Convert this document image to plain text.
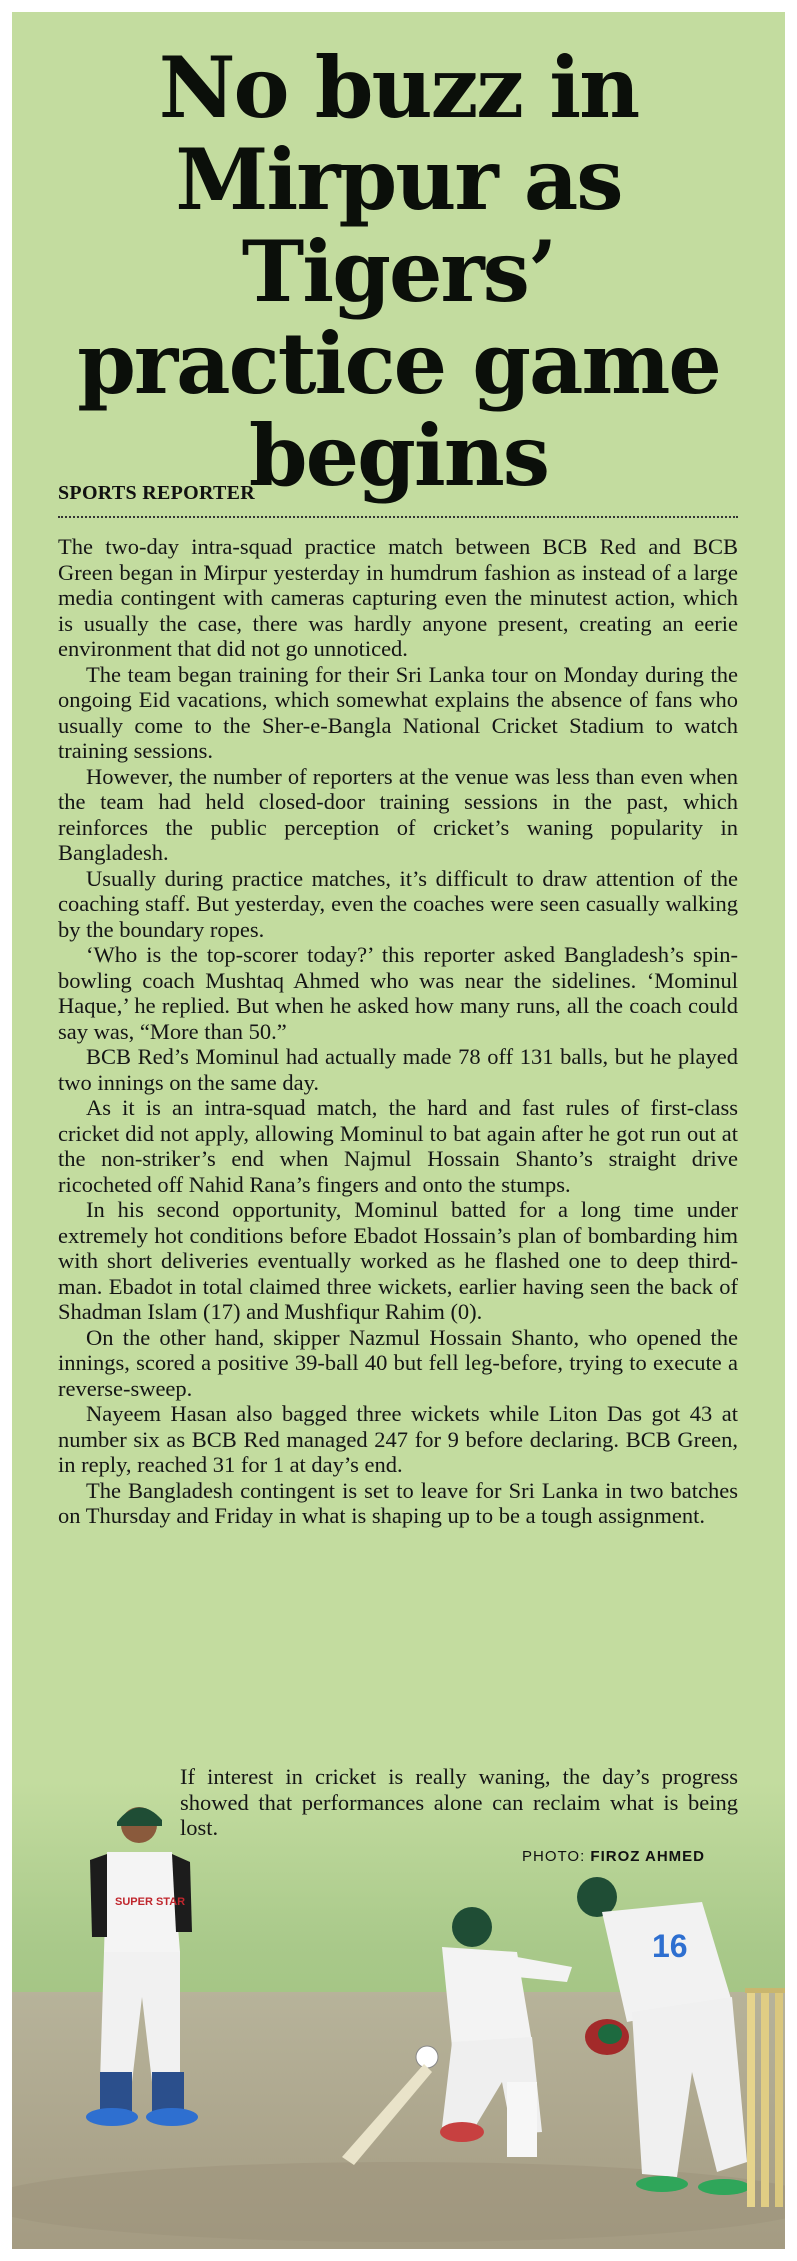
No buzz in Mirpur as Tigers’ practice game begins
SPORTS REPORTER

The two-day intra-squad practice match between BCB Red and BCB Green began in Mirpur yesterday in humdrum fashion as instead of a large media contingent with cameras capturing even the minutest action, which is usually the case, there was hardly anyone present, creating an eerie environment that did not go unnoticed.

The team began training for their Sri Lanka tour on Monday during the ongoing Eid vacations, which somewhat explains the absence of fans who usually come to the Sher-e-Bangla National Cricket Stadium to watch training sessions.

However, the number of reporters at the venue was less than even when the team had held closed-door training sessions in the past, which reinforces the public perception of cricket’s waning popularity in Bangladesh.

Usually during practice matches, it’s difficult to draw attention of the coaching staff. But yesterday, even the coaches were seen casually walking by the boundary ropes.

‘Who is the top-scorer today?’ this reporter asked Bangladesh’s spin-bowling coach Mushtaq Ahmed who was near the sidelines. ‘Mominul Haque,’ he replied. But when he asked how many runs, all the coach could say was, “More than 50.”

BCB Red’s Mominul had actually made 78 off 131 balls, but he played two innings on the same day.

As it is an intra-squad match, the hard and fast rules of first-class cricket did not apply, allowing Mominul to bat again after he got run out at the non-striker’s end when Najmul Hossain Shanto’s straight drive ricocheted off Nahid Rana’s fingers and onto the stumps.

In his second opportunity, Mominul batted for a long time under extremely hot conditions before Ebadot Hossain’s plan of bombarding him with short deliveries eventually worked as he flashed one to deep third-man. Ebadot in total claimed three wickets, earlier having seen the back of Shadman Islam (17) and Mushfiqur Rahim (0).

On the other hand, skipper Nazmul Hossain Shanto, who opened the innings, scored a positive 39-ball 40 but fell leg-before, trying to execute a reverse-sweep.

Nayeem Hasan also bagged three wickets while Liton Das got 43 at number six as BCB Red managed 247 for 9 before declaring. BCB Green, in reply, reached 31 for 1 at day’s end.

The Bangladesh contingent is set to leave for Sri Lanka in two batches on Thursday and Friday in what is shaping up to be a tough assignment.

SUPER STAR
16
If interest in cricket is really waning, the day’s progress showed that performances alone can reclaim what is being lost.
PHOTO: FIROZ AHMED
